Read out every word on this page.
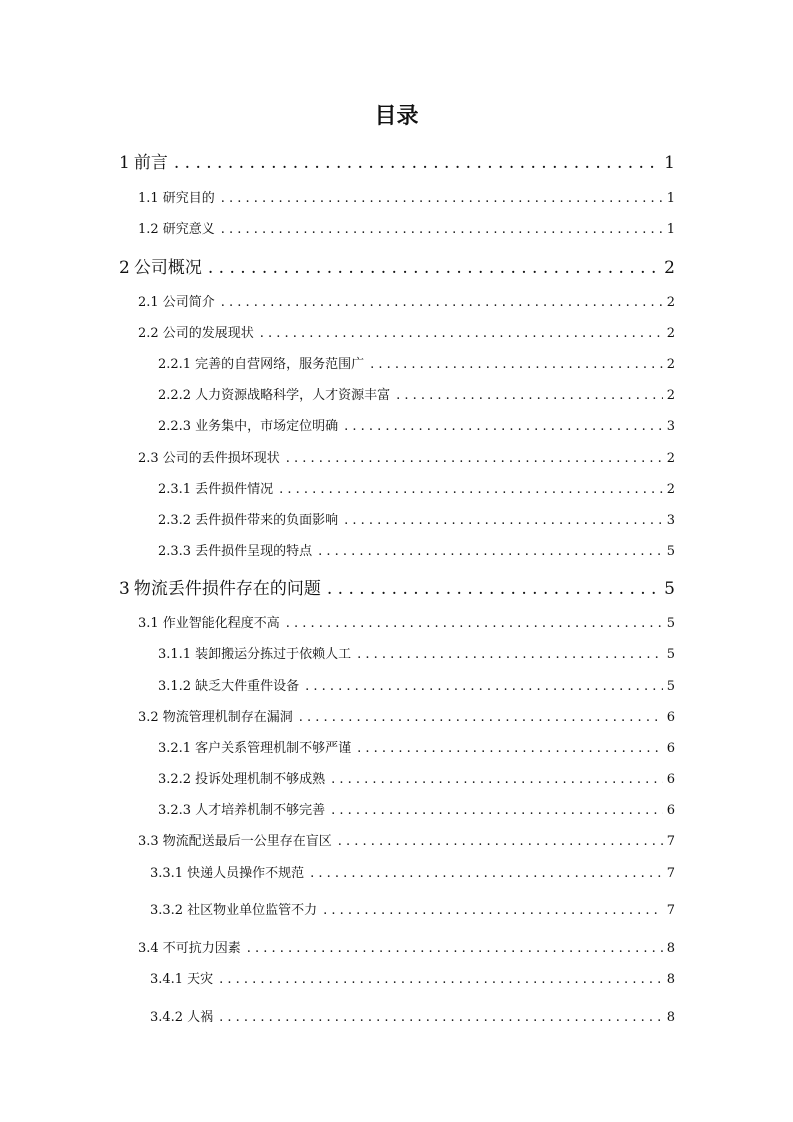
目录
1 前言 . . .	1
1.1 研究目的 . . .	1
1.2 研究意义 . . .	1
2 公司概况 . . .	2
2.1 公司简介 . . .	2
2.2 公司的发展现状 . . .	2
2.2.1 完善的自营网络，服务范围广 . . .	2
2.2.2 人力资源战略科学，人才资源丰富 . . .	2
2.2.3 业务集中，市场定位明确 . . .	3
2.3 公司的丢件损坏现状 . . .	2
2.3.1 丢件损件情况 . . .	2
2.3.2 丢件损件带来的负面影响 . . .	3
2.3.3 丢件损件呈现的特点 . . .	5
3 物流丢件损件存在的问题 . . .	5
3.1 作业智能化程度不高 . . .	5
3.1.1 装卸搬运分拣过于依赖人工 . . .	5
3.1.2 缺乏大件重件设备 . . .	5
3.2 物流管理机制存在漏洞 . . .	6
3.2.1 客户关系管理机制不够严谨 . . .	6
3.2.2 投诉处理机制不够成熟 . . .	6
3.2.3 人才培养机制不够完善 . . .	6
3.3 物流配送最后一公里存在盲区 . . .	7
3.3.1 快递人员操作不规范 . . .	7
3.3.2 社区物业单位监管不力 . . .	7
3.4 不可抗力因素 . . .	8
3.4.1 天灾 . . .	8
3.4.2 人祸 . . .	8
